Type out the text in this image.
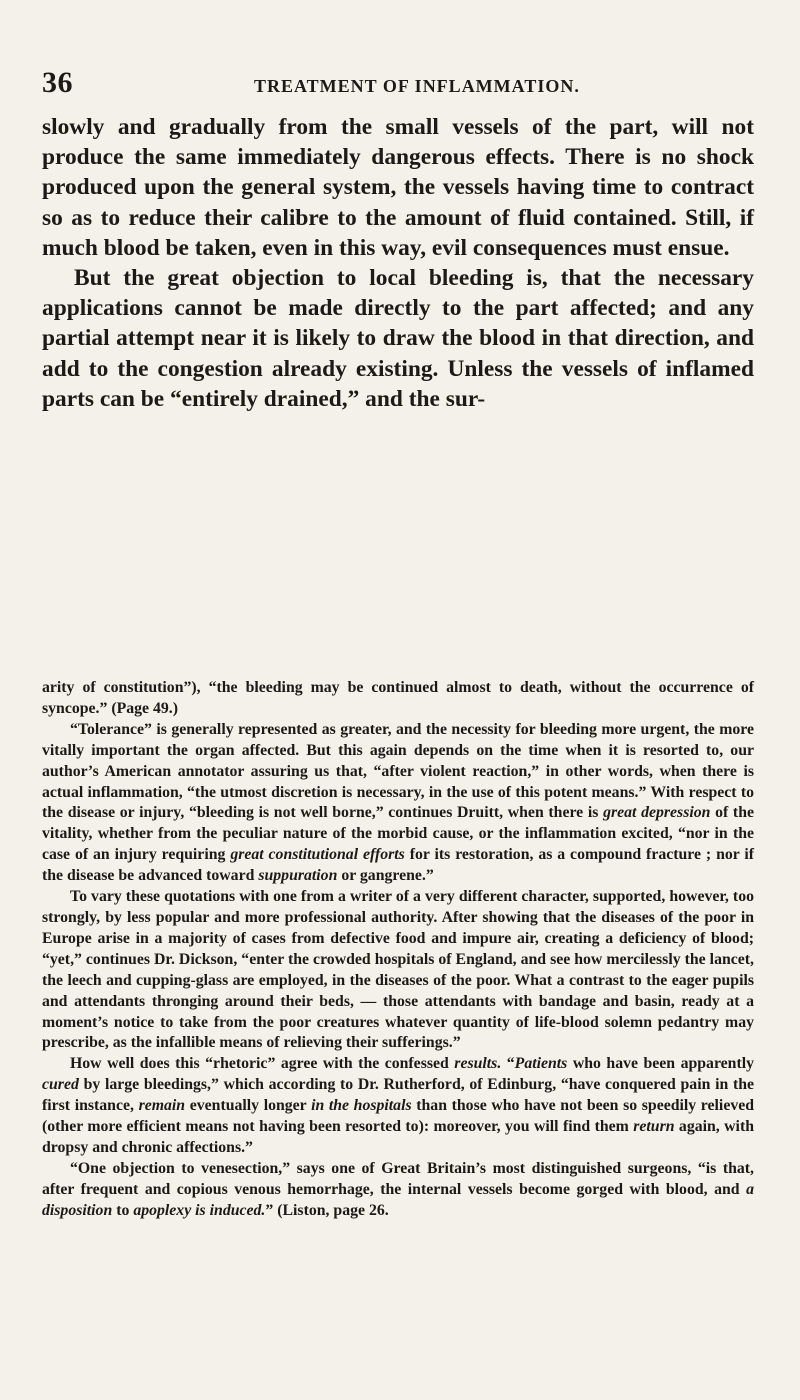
36	TREATMENT OF INFLAMMATION.

slowly and gradually from the small vessels of the part, will not produce the same immediately dangerous effects. There is no shock produced upon the general system, the vessels having time to contract so as to reduce their calibre to the amount of fluid contained. Still, if much blood be taken, even in this way, evil consequences must ensue.

But the great objection to local bleeding is, that the necessary applications cannot be made directly to the part affected; and any partial attempt near it is likely to draw the blood in that direction, and add to the congestion already existing. Unless the vessels of inflamed parts can be “entirely drained,” and the sur-

arity of constitution”), “the bleeding may be continued almost to death, without the occurrence of syncope.” (Page 49.)

“Tolerance” is generally represented as greater, and the necessity for bleeding more urgent, the more vitally important the organ affected. But this again depends on the time when it is resorted to, our author’s American annotator assuring us that, “after violent reaction,” in other words, when there is actual inflammation, “the utmost discretion is necessary, in the use of this potent means.” With respect to the disease or injury, “bleeding is not well borne,” continues Druitt, when there is great depression of the vitality, whether from the peculiar nature of the morbid cause, or the inflammation excited, “nor in the case of an injury requiring great constitutional efforts for its restoration, as a compound fracture ; nor if the disease be advanced toward suppuration or gangrene.”

To vary these quotations with one from a writer of a very different character, supported, however, too strongly, by less popular and more professional authority. After showing that the diseases of the poor in Europe arise in a majority of cases from defective food and impure air, creating a deficiency of blood; “yet,” continues Dr. Dickson, “enter the crowded hospitals of England, and see how mercilessly the lancet, the leech and cupping-glass are employed, in the diseases of the poor. What a contrast to the eager pupils and attendants thronging around their beds, — those attendants with bandage and basin, ready at a moment’s notice to take from the poor creatures whatever quantity of life-blood solemn pedantry may prescribe, as the infallible means of relieving their sufferings.”

How well does this “rhetoric” agree with the confessed results. “Patients who have been apparently cured by large bleedings,” which according to Dr. Rutherford, of Edinburg, “have conquered pain in the first instance, remain eventually longer in the hospitals than those who have not been so speedily relieved (other more efficient means not having been resorted to): moreover, you will find them return again, with dropsy and chronic affections.”

“One objection to venesection,” says one of Great Britain’s most distinguished surgeons, “is that, after frequent and copious venous hemorrhage, the internal vessels become gorged with blood, and a disposition to apoplexy is induced.” (Liston, page 26.
